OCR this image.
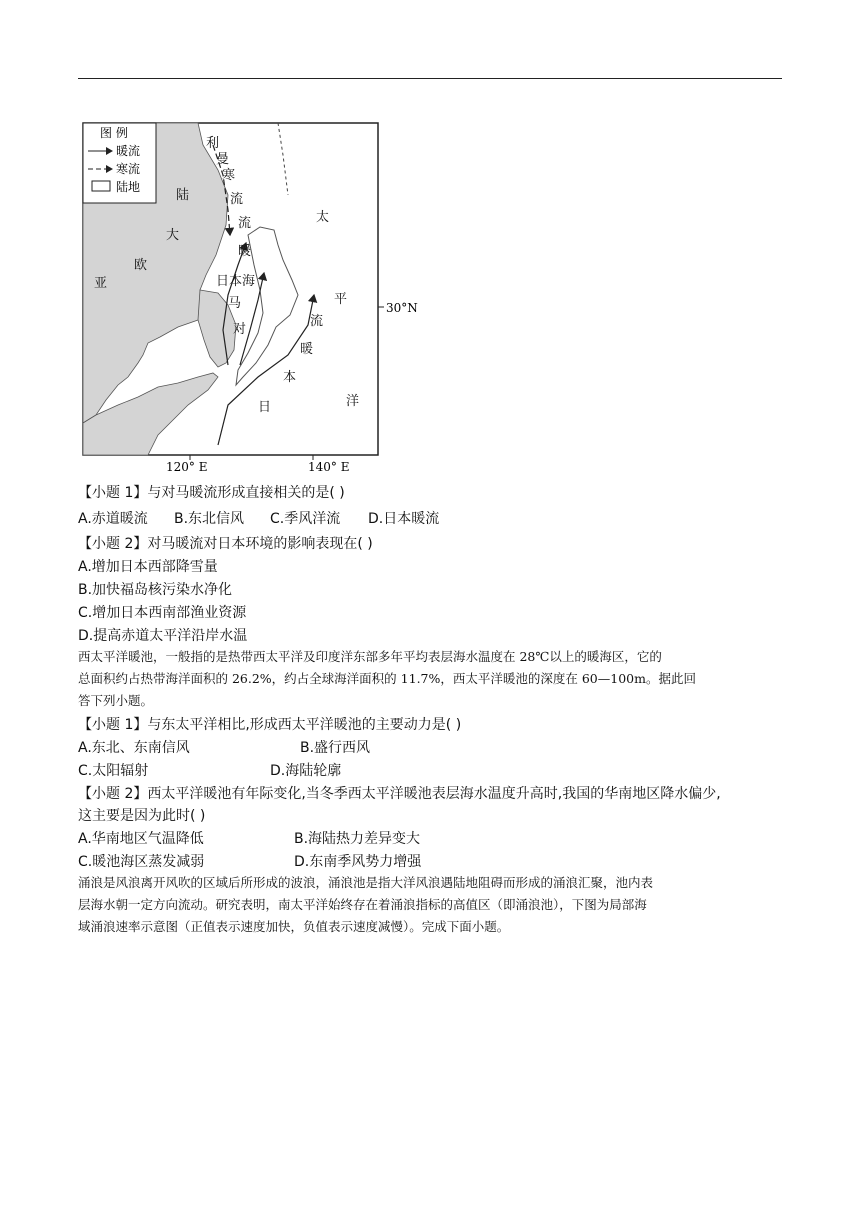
图 例
暖流
寒流
陆地
利
曼
寒
流
流
暖
日本海
马
对
陆
大
欧
亚
太
平
流
暖
本
洋
日
30°N
120° E	140° E
【小题 1】与对马暖流形成直接相关的是( )
A.赤道暖流 B.东北信风 C.季风洋流 D.日本暖流
【小题 2】对马暖流对日本环境的影响表现在( )
A.增加日本西部降雪量
B.加快福岛核污染水净化
C.增加日本西南部渔业资源
D.提高赤道太平洋沿岸水温
西太平洋暖池，一般指的是热带西太平洋及印度洋东部多年平均表层海水温度在 28℃以上的暖海区，它的
总面积约占热带海洋面积的 26.2%，约占全球海洋面积的 11.7%，西太平洋暖池的深度在 60—100m。据此回
答下列小题。
【小题 1】与东太平洋相比,形成西太平洋暖池的主要动力是( )
A.东北、东南信风	B.盛行西风
C.太阳辐射	D.海陆轮廓
【小题 2】西太平洋暖池有年际变化,当冬季西太平洋暖池表层海水温度升高时,我国的华南地区降水偏少,
这主要是因为此时( )
A.华南地区气温降低	B.海陆热力差异变大
C.暖池海区蒸发减弱	D.东南季风势力增强
涌浪是风浪离开风吹的区域后所形成的波浪，涌浪池是指大洋风浪遇陆地阻碍而形成的涌浪汇聚，池内表
层海水朝一定方向流动。研究表明，南太平洋始终存在着涌浪指标的高值区（即涌浪池），下图为局部海
域涌浪速率示意图（正值表示速度加快，负值表示速度减慢）。完成下面小题。
